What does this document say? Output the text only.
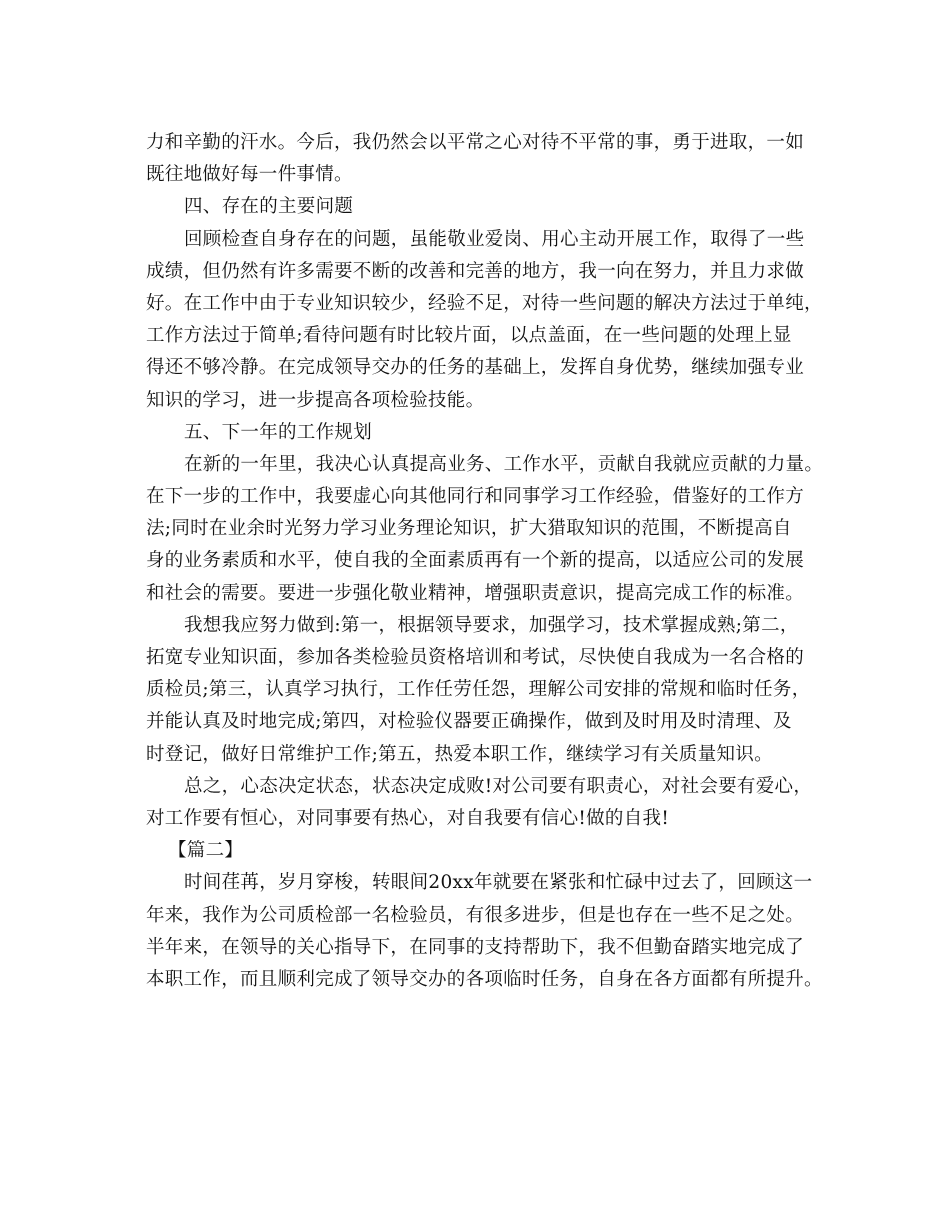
力和辛勤的汗水。今后，我仍然会以平常之心对待不平常的事，勇于进取，一如
既往地做好每一件事情。
四、存在的主要问题
回顾检查自身存在的问题，虽能敬业爱岗、用心主动开展工作，取得了一些
成绩，但仍然有许多需要不断的改善和完善的地方，我一向在努力，并且力求做
好。在工作中由于专业知识较少，经验不足，对待一些问题的解决方法过于单纯，
工作方法过于简单;看待问题有时比较片面，以点盖面，在一些问题的处理上显
得还不够冷静。在完成领导交办的任务的基础上，发挥自身优势，继续加强专业
知识的学习，进一步提高各项检验技能。
五、下一年的工作规划
在新的一年里，我决心认真提高业务、工作水平，贡献自我就应贡献的力量。
在下一步的工作中，我要虚心向其他同行和同事学习工作经验，借鉴好的工作方
法;同时在业余时光努力学习业务理论知识，扩大猎取知识的范围，不断提高自
身的业务素质和水平，使自我的全面素质再有一个新的提高，以适应公司的发展
和社会的需要。要进一步强化敬业精神，增强职责意识，提高完成工作的标准。
我想我应努力做到:第一，根据领导要求，加强学习，技术掌握成熟;第二，
拓宽专业知识面，参加各类检验员资格培训和考试，尽快使自我成为一名合格的
质检员;第三，认真学习执行，工作任劳任怨，理解公司安排的常规和临时任务，
并能认真及时地完成;第四，对检验仪器要正确操作，做到及时用及时清理、及
时登记，做好日常维护工作;第五，热爱本职工作，继续学习有关质量知识。
总之，心态决定状态，状态决定成败!对公司要有职责心，对社会要有爱心，
对工作要有恒心，对同事要有热心，对自我要有信心!做的自我!
【篇二】
时间荏苒，岁月穿梭，转眼间20xx年就要在紧张和忙碌中过去了，回顾这一
年来，我作为公司质检部一名检验员，有很多进步，但是也存在一些不足之处。
半年来，在领导的关心指导下，在同事的支持帮助下，我不但勤奋踏实地完成了
本职工作，而且顺利完成了领导交办的各项临时任务，自身在各方面都有所提升。
